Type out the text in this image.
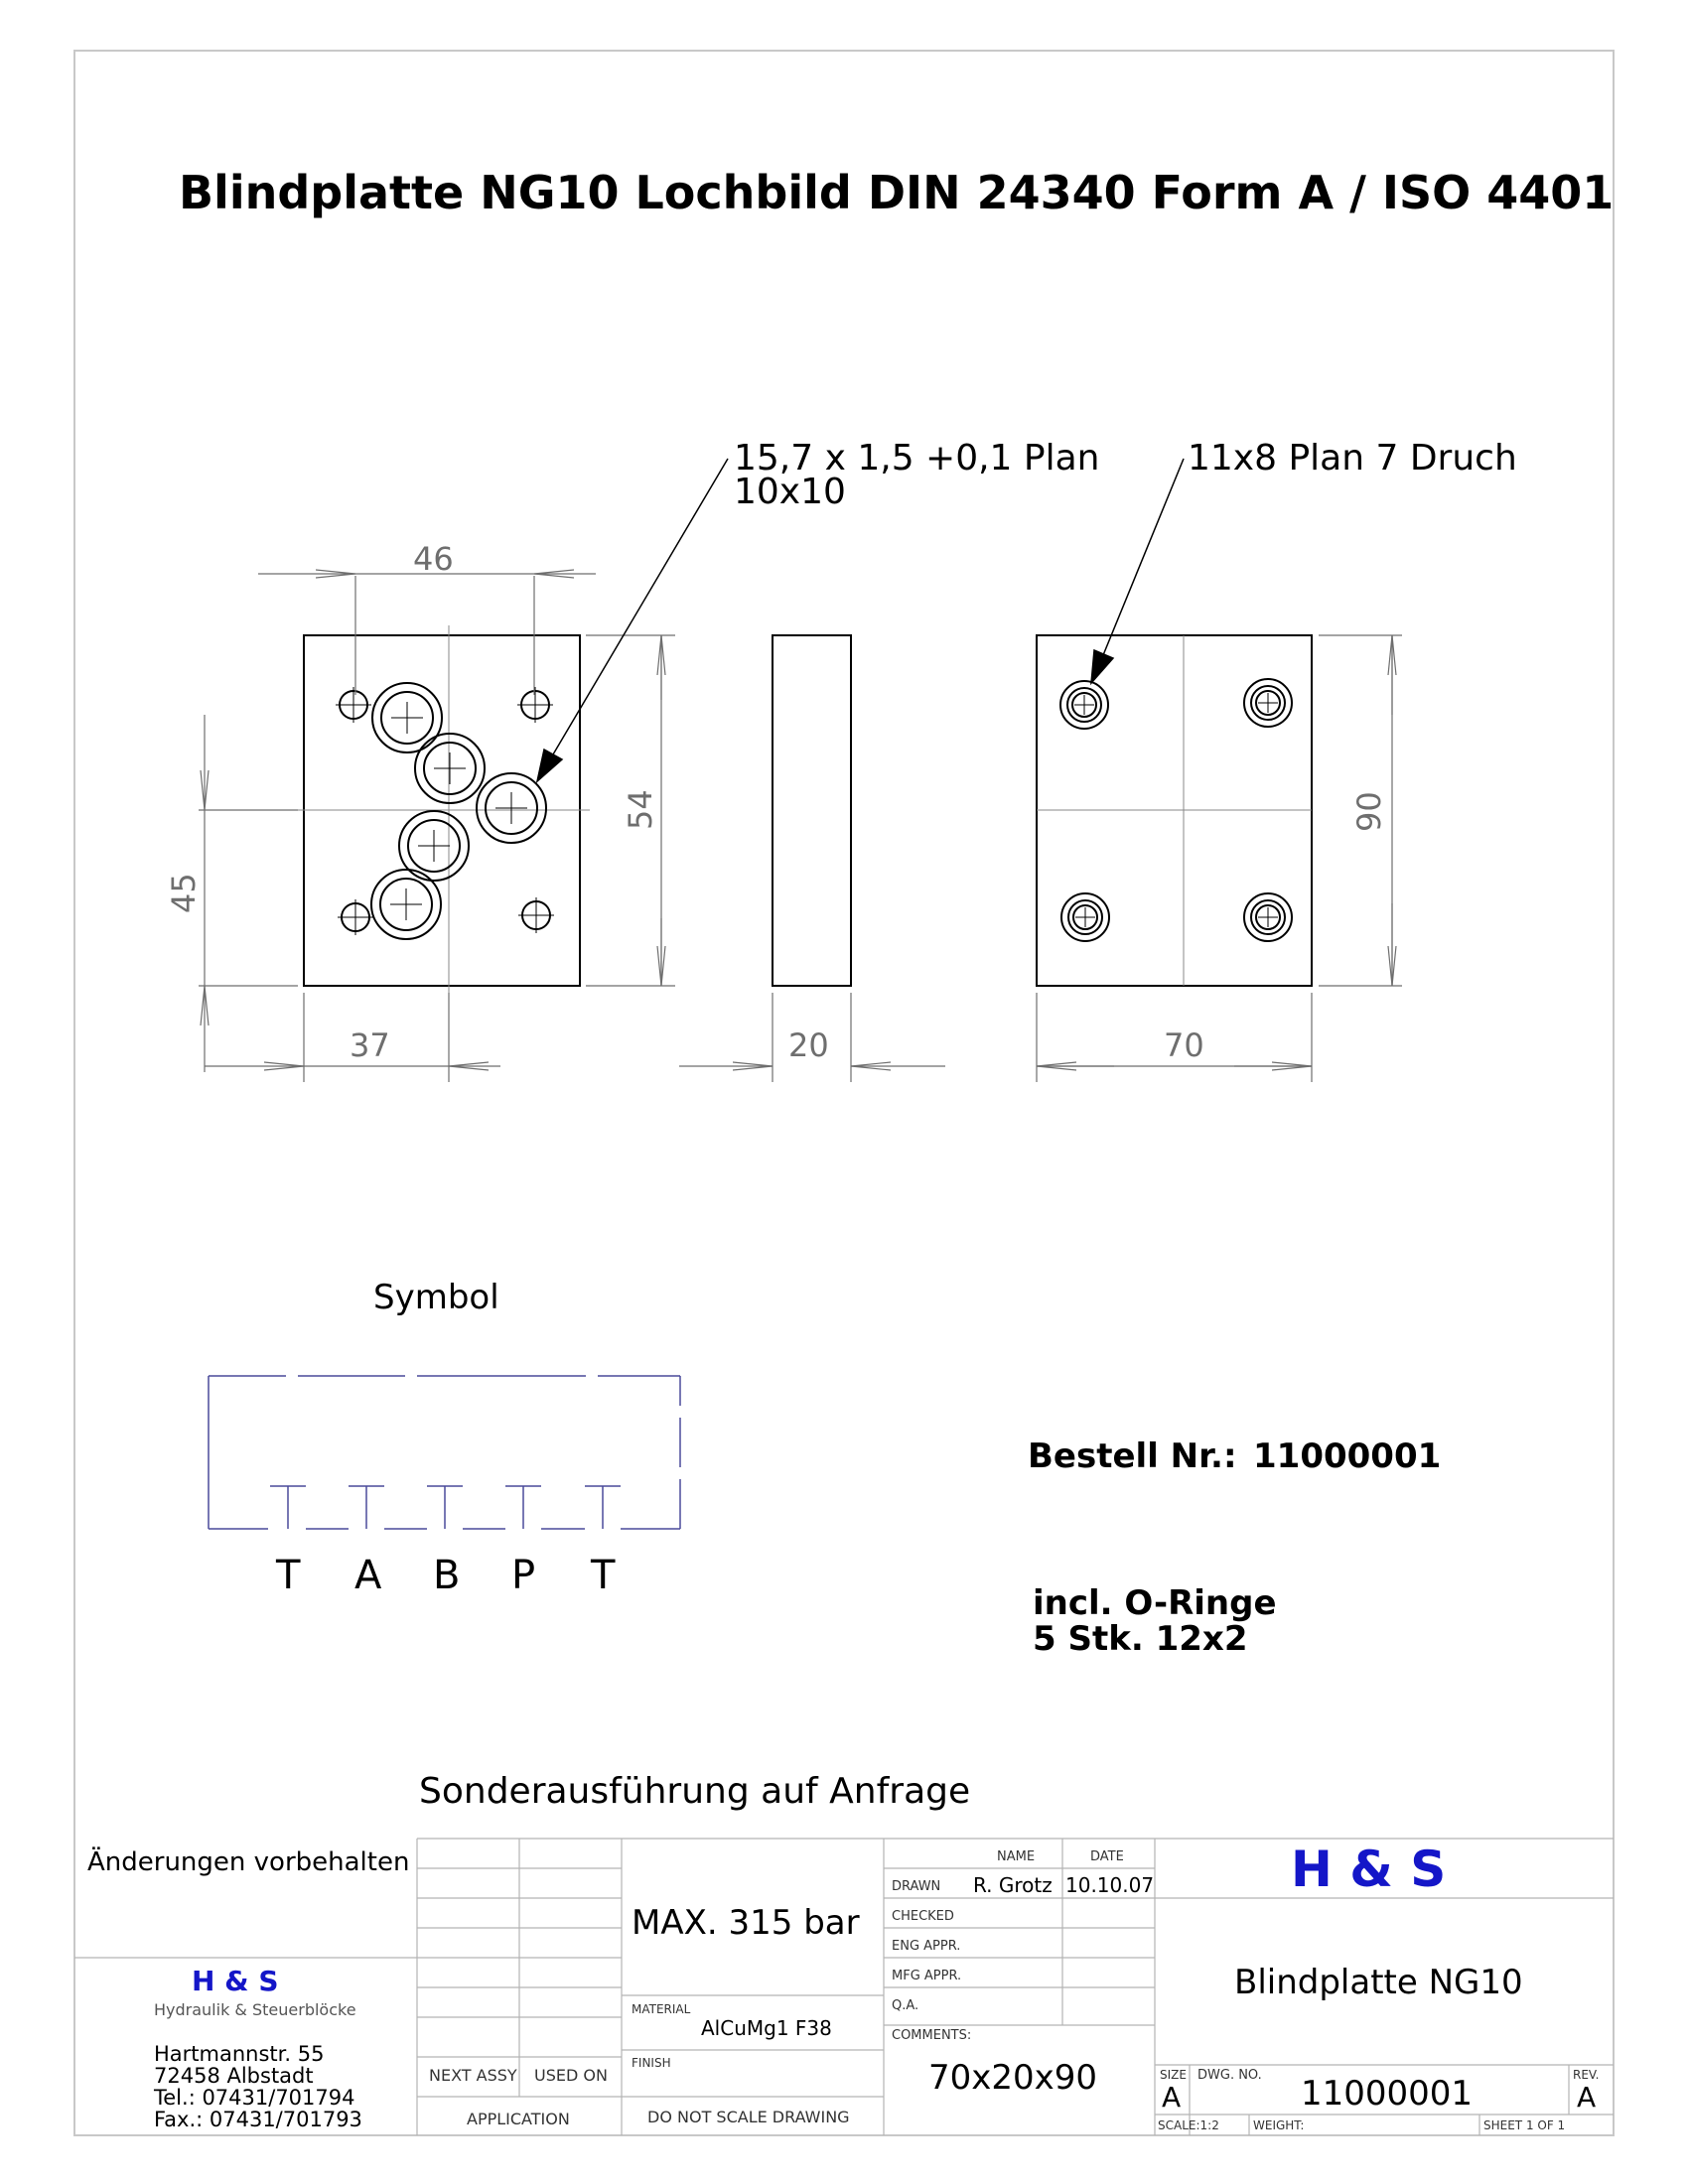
Blindplatte NG10 Lochbild DIN 24340 Form A / ISO 4401
46
45
54
37
15,7 x 1,5 +0,1 Plan
10x10
20
90
70
11x8 Plan 7 Druch
Symbol
T A B P T
Bestell Nr.: 11000001
incl. O-Ringe
5 Stk. 12x2
Sonderausführung auf Anfrage
Änderungen vorbehalten
H & S
Hydraulik & Steuerblöcke
Hartmannstr. 55
72458 Albstadt
Tel.: 07431/701794
Fax.: 07431/701793
NEXT ASSY USED ON
APPLICATION
MAX. 315 bar
MATERIAL
AlCuMg1 F38
FINISH
DO NOT SCALE DRAWING
NAME	DATE
DRAWN R. Grotz 10.10.07
CHECKED
ENG APPR.
MFG APPR.
Q.A.
COMMENTS:
70x20x90
H & S
Blindplatte NG10
SIZE
A
DWG. NO. 11000001	REV.
A
SCALE:1:2	WEIGHT:	SHEET 1 OF 1
